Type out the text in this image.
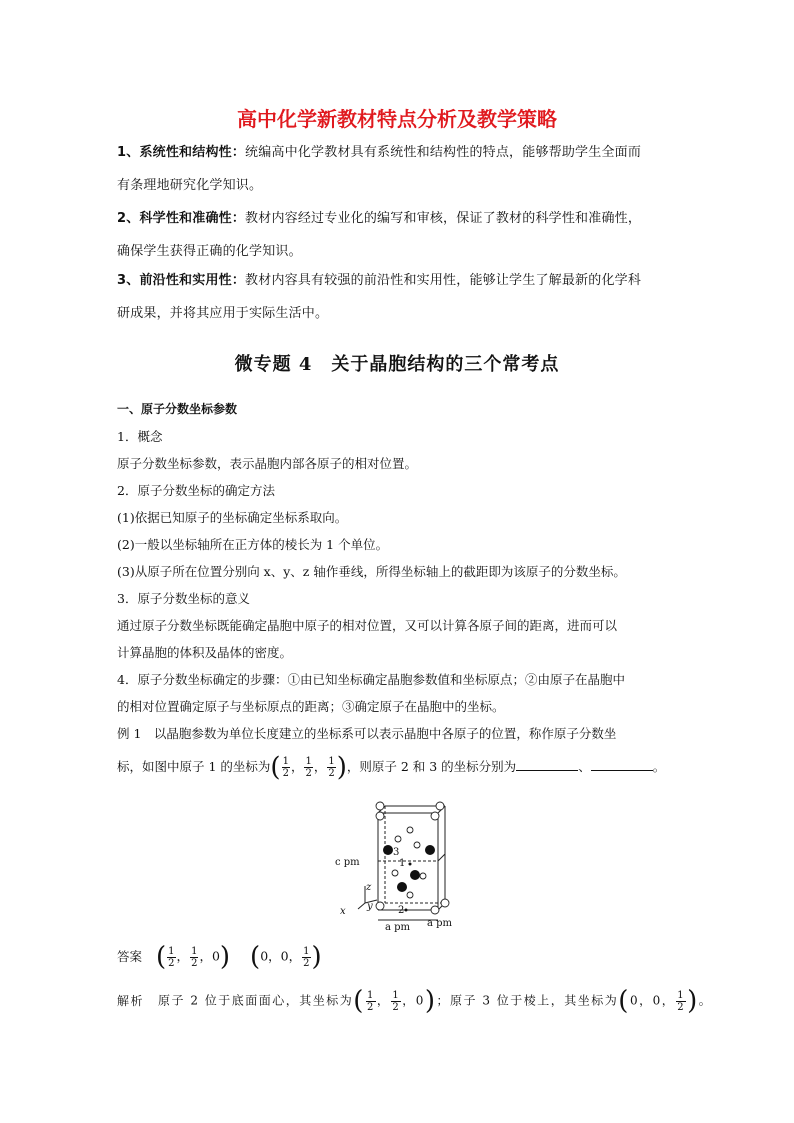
高中化学新教材特点分析及教学策略
1、系统性和结构性：统编高中化学教材具有系统性和结构性的特点，能够帮助学生全面而
有条理地研究化学知识。
2、科学性和准确性：教材内容经过专业化的编写和审核，保证了教材的科学性和准确性，
确保学生获得正确的化学知识。
3、前沿性和实用性：教材内容具有较强的前沿性和实用性，能够让学生了解最新的化学科
研成果，并将其应用于实际生活中。
微专题 4　关于晶胞结构的三个常考点
一、原子分数坐标参数
1．概念
原子分数坐标参数，表示晶胞内部各原子的相对位置。
2．原子分数坐标的确定方法
(1)依据已知原子的坐标确定坐标系取向。
(2)一般以坐标轴所在正方体的棱长为 1 个单位。
(3)从原子所在位置分别向 x、y、z 轴作垂线，所得坐标轴上的截距即为该原子的分数坐标。
3．原子分数坐标的意义
通过原子分数坐标既能确定晶胞中原子的相对位置，又可以计算各原子间的距离，进而可以
计算晶胞的体积及晶体的密度。
4．原子分数坐标确定的步骤：①由已知坐标确定晶胞参数值和坐标原点；②由原子在晶胞中
的相对位置确定原子与坐标原点的距离；③确定原子在晶胞中的坐标。
例 1　以晶胞参数为单位长度建立的坐标系可以表示晶胞中各原子的位置，称作原子分数坐
标，如图中原子 1 的坐标为( $\frac{1}{2}$ ， $\frac{1}{2}$ ， $\frac{1}{2}$ )，则原子 2 和 3 的坐标分别为	、	。
c pm
a pm a pm
1
2
3
z
y
x
答案 ( $\frac{1}{2}$ ， $\frac{1}{2}$ ，0) (0，0， $\frac{1}{2}$ )
解析 原子 2 位于底面面心，其坐标为( $\frac{1}{2}$ ， $\frac{1}{2}$ ，0)；原子 3 位于棱上，其坐标为(0，0， $\frac{1}{2}$ )。
